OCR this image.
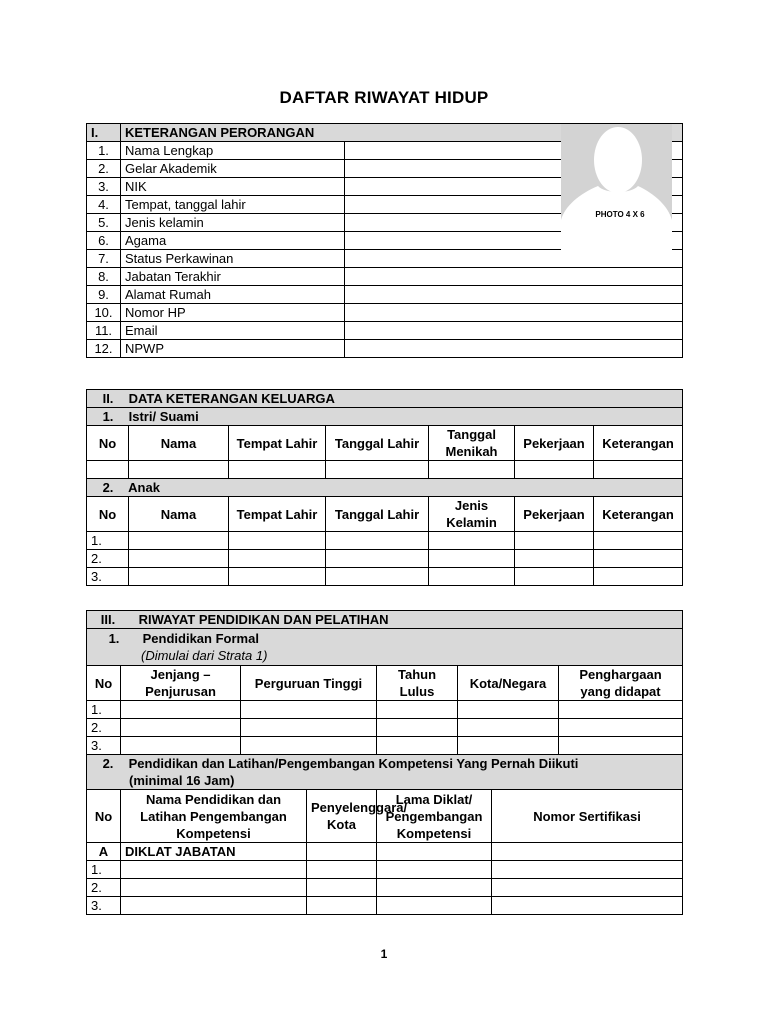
DAFTAR RIWAYAT HIDUP
I.	KETERANGAN PERORANGAN	
1.	Nama Lengkap	
2.	Gelar Akademik	
3.	NIK	
4.	Tempat, tanggal lahir	
5.	Jenis kelamin	
6.	Agama	
7.	Status Perkawinan	
8.	Jabatan Terakhir	
9.	Alamat Rumah	
10.	Nomor HP	
11.	Email	
12.	NPWP	
PHOTO 4 X 6
II. DATA KETERANGAN KELUARGA						
1. Istri/ Suami						
No	Nama	Tempat Lahir	Tanggal Lahir	Tanggal Menikah	Pekerjaan	Keterangan

2. Anak						
No	Nama	Tempat Lahir	Tanggal Lahir	Jenis Kelamin	Pekerjaan	Keterangan
1.						
2.						
3.						
III. RIWAYAT PENDIDIKAN DAN PELATIHAN							
1. Pendidikan Formal
(Dimulai dari Strata 1)							
No	Jenjang – Penjurusan	Perguruan Tinggi		Tahun Lulus	Kota/Negara		Penghargaan yang didapat
1.							
2.							
3.							
2. Pendidikan dan Latihan/Pengembangan Kompetensi Yang Pernah Diikuti
(minimal 16 Jam)							
No	Nama Pendidikan dan Latihan Pengembangan Kompetensi		Penyelenggara/ Kota	Lama Diklat/ Pengembangan Kompetensi		Nomor Sertifikasi	
A	DIKLAT JABATAN						
1.							
2.							
3.							
1
